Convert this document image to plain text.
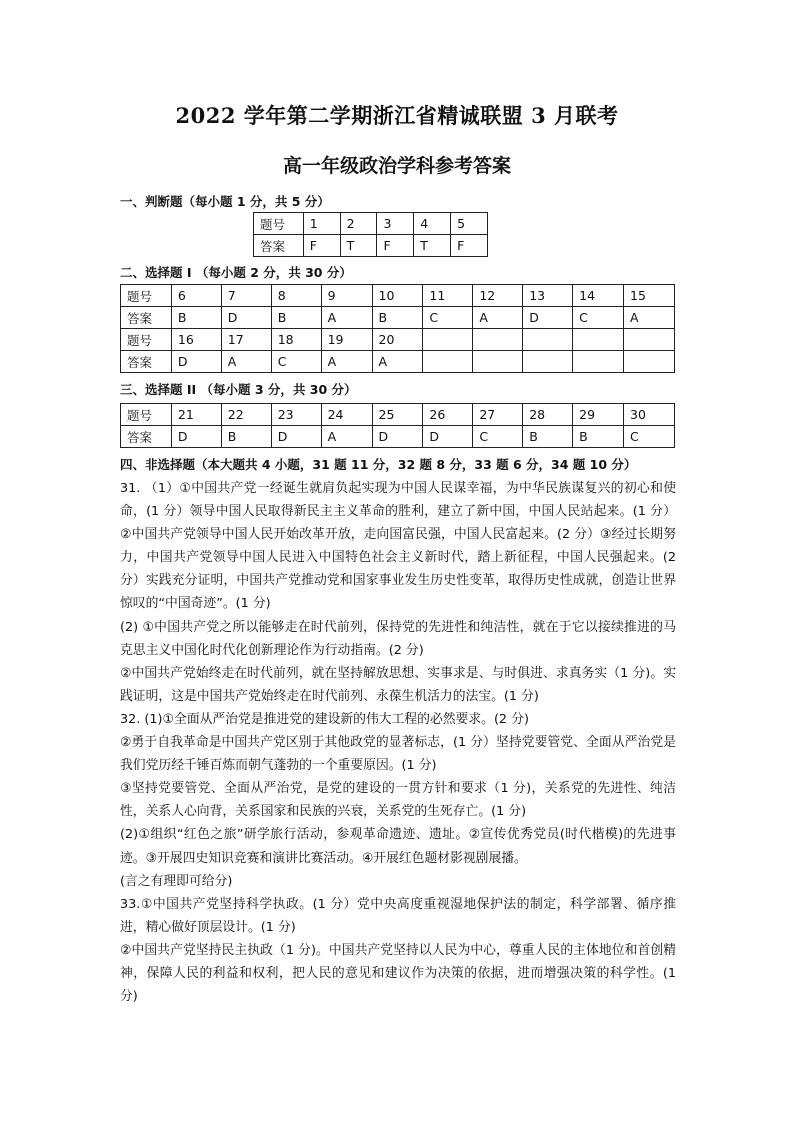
2022 学年第二学期浙江省精诚联盟 3 月联考
高一年级政治学科参考答案
一、判断题（每小题 1 分，共 5 分）
题号	1	2	3	4	5
答案	F	T	F	T	F
二、选择题 I （每小题 2 分，共 30 分）
题号	6	7	8	9	10	11	12	13	14	15
答案	B	D	B	A	B	C	A	D	C	A
题号	16	17	18	19	20					
答案	D	A	C	A	A					
三、选择题 II （每小题 3 分，共 30 分）
题号	21	22	23	24	25	26	27	28	29	30
答案	D	B	D	A	D	D	C	B	B	C
四、非选择题（本大题共 4 小题，31 题 11 分，32 题 8 分，33 题 6 分，34 题 10 分）

31. （1）①中国共产党一经诞生就肩负起实现为中国人民谋幸福，为中华民族谋复兴的初心和使命，(1 分）领导中国人民取得新民主主义革命的胜利，建立了新中国，中国人民站起来。(1 分）②中国共产党领导中国人民开始改革开放，走向国富民强，中国人民富起来。(2 分）③经过长期努力，中国共产党领导中国人民进入中国特色社会主义新时代，踏上新征程，中国人民强起来。(2 分）实践充分证明，中国共产党推动党和国家事业发生历史性变革，取得历史性成就，创造让世界惊叹的“中国奇迹”。(1 分)

(2) ①中国共产党之所以能够走在时代前列，保持党的先进性和纯洁性，就在于它以接续推进的马克思主义中国化时代化创新理论作为行动指南。(2 分)

②中国共产党始终走在时代前列，就在坚持解放思想、实事求是、与时俱进、求真务实（1 分)。实践证明，这是中国共产党始终走在时代前列、永葆生机活力的法宝。(1 分)

32. (1)①全面从严治党是推进党的建设新的伟大工程的必然要求。(2 分)

②勇于自我革命是中国共产党区别于其他政党的显著标志，(1 分）坚持党要管党、全面从严治党是我们党历经千锤百炼而朝气蓬勃的一个重要原因。(1 分)

③坚持党要管党、全面从严治党，是党的建设的一贯方针和要求（1 分)，关系党的先进性、纯洁性，关系人心向背，关系国家和民族的兴衰，关系党的生死存亡。(1 分)

(2)①组织“红色之旅”研学旅行活动，参观革命遗迹、遗址。②宣传优秀党员(时代楷模)的先进事迹。③开展四史知识竞赛和演讲比赛活动。④开展红色题材影视剧展播。

(言之有理即可给分)

33.①中国共产党坚持科学执政。(1 分）党中央高度重视湿地保护法的制定，科学部署、循序推进，精心做好顶层设计。(1 分)

②中国共产党坚持民主执政（1 分)。中国共产党坚持以人民为中心，尊重人民的主体地位和首创精神，保障人民的利益和权利，把人民的意见和建议作为决策的依据，进而增强决策的科学性。(1 分)
